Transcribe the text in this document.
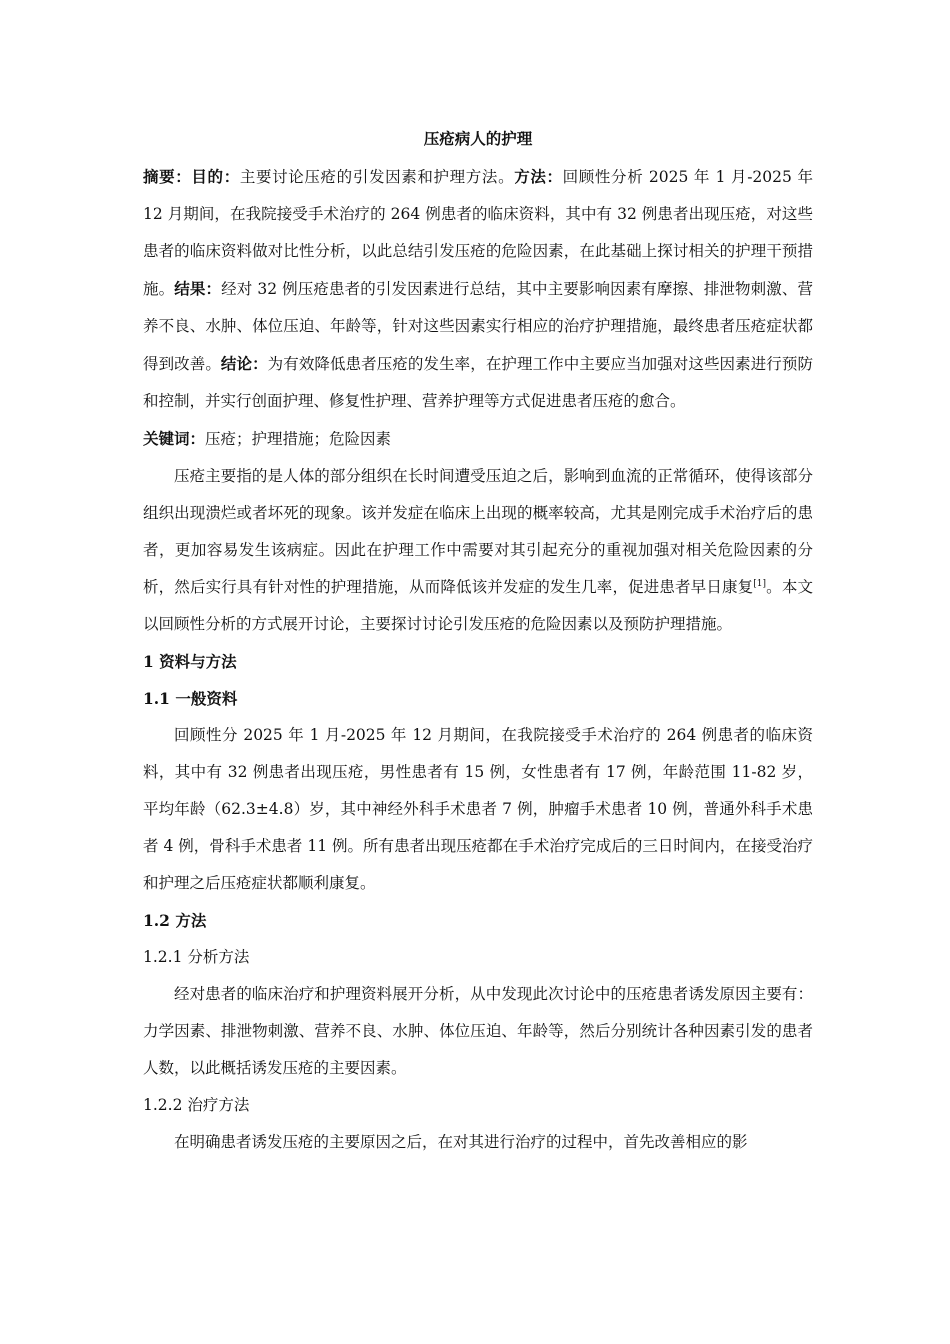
压疮病人的护理

摘要：目的：主要讨论压疮的引发因素和护理方法。方法：回顾性分析 2025 年 1 月-2025 年 12 月期间，在我院接受手术治疗的 264 例患者的临床资料，其中有 32 例患者出现压疮，对这些患者的临床资料做对比性分析，以此总结引发压疮的危险因素，在此基础上探讨相关的护理干预措施。结果：经对 32 例压疮患者的引发因素进行总结，其中主要影响因素有摩擦、排泄物刺激、营养不良、水肿、体位压迫、年龄等，针对这些因素实行相应的治疗护理措施，最终患者压疮症状都得到改善。结论：为有效降低患者压疮的发生率，在护理工作中主要应当加强对这些因素进行预防和控制，并实行创面护理、修复性护理、营养护理等方式促进患者压疮的愈合。

关键词：压疮；护理措施；危险因素

压疮主要指的是人体的部分组织在长时间遭受压迫之后，影响到血流的正常循环，使得该部分组织出现溃烂或者坏死的现象。该并发症在临床上出现的概率较高，尤其是刚完成手术治疗后的患者，更加容易发生该病症。因此在护理工作中需要对其引起充分的重视加强对相关危险因素的分析，然后实行具有针对性的护理措施，从而降低该并发症的发生几率，促进患者早日康复[1]。本文以回顾性分析的方式展开讨论，主要探讨讨论引发压疮的危险因素以及预防护理措施。

1 资料与方法
1.1 一般资料

回顾性分 2025 年 1 月-2025 年 12 月期间，在我院接受手术治疗的 264 例患者的临床资料，其中有 32 例患者出现压疮，男性患者有 15 例，女性患者有 17 例，年龄范围 11-82 岁，平均年龄（62.3±4.8）岁，其中神经外科手术患者 7 例，肿瘤手术患者 10 例，普通外科手术患者 4 例，骨科手术患者 11 例。所有患者出现压疮都在手术治疗完成后的三日时间内，在接受治疗和护理之后压疮症状都顺利康复。

1.2 方法
1.2.1 分析方法

经对患者的临床治疗和护理资料展开分析，从中发现此次讨论中的压疮患者诱发原因主要有：力学因素、排泄物刺激、营养不良、水肿、体位压迫、年龄等，然后分别统计各种因素引发的患者人数，以此概括诱发压疮的主要因素。

1.2.2 治疗方法

在明确患者诱发压疮的主要原因之后，在对其进行治疗的过程中，首先改善相应的影
